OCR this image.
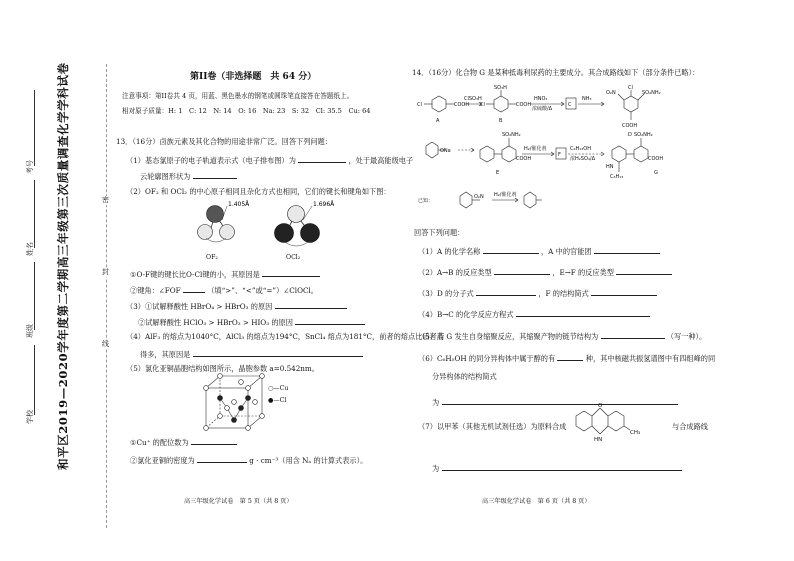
和平区2019—2020学年度第二学期高三年级第三次质量调查化学学科试卷
学校
班级
姓名
考号
密
封
线
第II卷（非选择题　共 64 分）
注意事项：第II卷共 4 页，用蓝、黑色墨水的钢笔或圆珠笔直接答在答题纸上。
相对原子质量：H: 1　C: 12　N: 14　O: 16　Na: 23　S: 32　Cl: 35.5　Cu: 64
13．（16分）卤族元素及其化合物的用途非常广泛。回答下列问题：
（1）基态氯原子的电子轨道表示式（电子排布图）为	，处于最高能级电子
云轮廓图形状为
（2）OF₂ 和 OCl₂ 的中心原子相同且杂化方式也相同，它们的键长和键角如下图：
1.405Å	1.696Å
OF₂	OCl₂
①O-F键的键长比O-Cl键的小，其原因是
②键角：∠FOF	（填“>”、“<”或“=”）∠ClOCl。
（3）①试解释酸性 HBrO₄ > HBrO₃ 的原因
②试解释酸性 HClO₃ > HBrO₃ > HIO₃ 的原因
（4）AlF₃ 的熔点为1040°C，AlCl₃ 的熔点为194°C，SnCl₄ 熔点为181°C，前者的熔点比后者高
得多，其原因是
（5）氯化亚铜晶胞结构如图所示，晶胞参数 a=0.542nm。
○—Cu
●—Cl
①Cu⁺ 的配位数为
②氯化亚铜的密度为	g · cm⁻³（用含 Nₐ 的计算式表示）。
高三年级化学试卷　第 5 页（共 8 页）
14．（16分）化合物 G 是某种抵毒利尿药的主要成分。其合成路线如下（部分条件已略）：
Cl	COOH
A
ClSO₃H
Cl
SO₃H
COOH
B
HNO₃
浓硫酸/Δ
C
NH₃
O₂N
Cl
SO₂NH₂
COOH
D
ONa
SO₂NH₂
COOH
E
H₂/催化剂
F
C₆H₁₃OH
浓H₂SO₄/Δ
SO₂NH₂
COOH
HN
C₆H₁₃
G
已知：
O₂N H₂/催化剂
回答下列问题：
（1）A 的化学名称	，A 中的官能团
（2）A→B 的反应类型	，E→F 的反应类型
（3）D 的分子式	，F 的结构简式
（4）B→C 的化学反应方程式
（5）若 G 发生自身缩聚反应，其缩聚产物的链节结构为	（写一种）。
（6）C₆H₅OH 的同分异构体中属于醇的有	种，其中核磁共振氢谱图中有四组峰的同
分异构体的结构简式
为
（7）以甲苯（其他无机试剂任选）为原料合成
O
HN
CH₃
与合成路线
为
高三年级化学试卷　第 6 页（共 8 页）
